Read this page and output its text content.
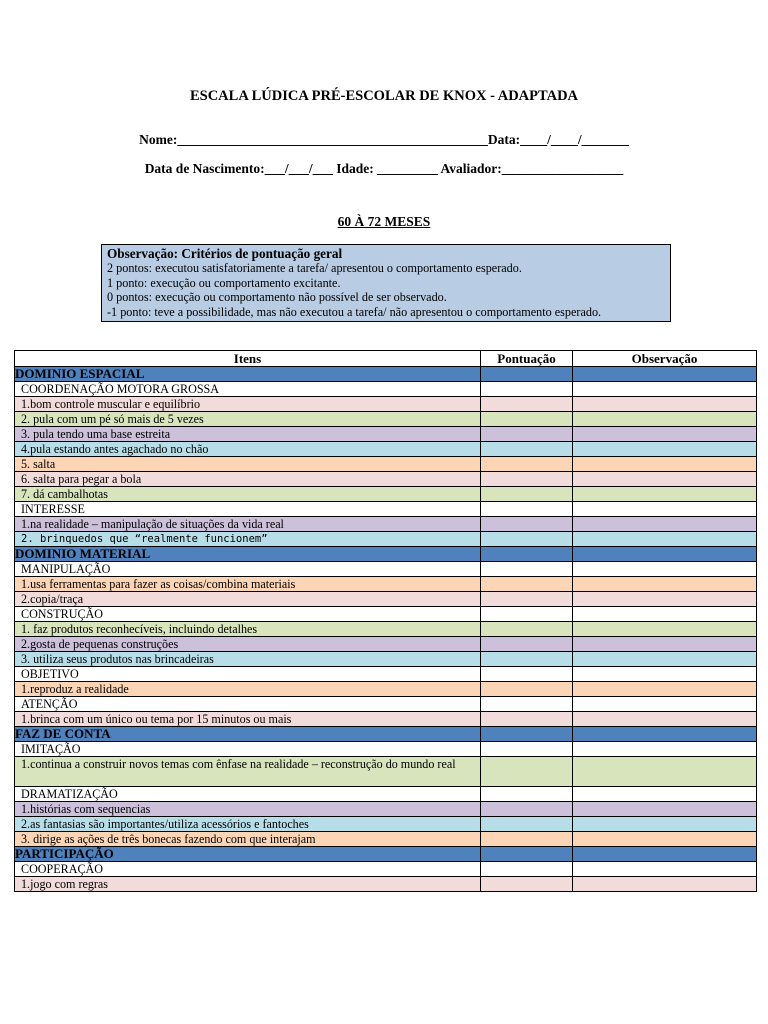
ESCALA LÚDICA PRÉ-ESCOLAR DE KNOX - ADAPTADA
Nome:______________________________________________Data:____/____/_______
Data de Nascimento:___/___/___ Idade: _________ Avaliador:__________________
60 À 72 MESES
Observação: Critérios de pontuação geral
2 pontos: executou satisfatoriamente a tarefa/ apresentou o comportamento esperado.
1 ponto: execução ou comportamento excitante.
0 pontos: execução ou comportamento não possível de ser observado.
-1 ponto: teve a possibilidade, mas não executou a tarefa/ não apresentou o comportamento esperado.
Itens	Pontuação	Observação
DOMINIO ESPACIAL		
COORDENAÇÃO MOTORA GROSSA		
1.bom controle muscular e equilíbrio		
2. pula com um pé só mais de 5 vezes		
3. pula tendo uma base estreita		
4.pula estando antes agachado no chão		
5. salta		
6. salta para pegar a bola		
7. dá cambalhotas		
INTERESSE		
1.na realidade – manipulação de situações da vida real		
2. brinquedos que “realmente funcionem”		
DOMINIO MATERIAL		
MANIPULAÇÃO		
1.usa ferramentas para fazer as coisas/combina materiais		
2.copia/traça		
CONSTRUÇÃO		
1. faz produtos reconhecíveis, incluindo detalhes		
2.gosta de pequenas construções		
3. utiliza seus produtos nas brincadeiras		
OBJETIVO		
1.reproduz a realidade		
ATENÇÃO		
1.brinca com um único ou tema por 15 minutos ou mais		
FAZ DE CONTA		
IMITAÇÃO		
1.continua a construir novos temas com ênfase na realidade – reconstrução do mundo real		
DRAMATIZAÇÃO		
1.histórias com sequencias		
2.as fantasias são importantes/utiliza acessórios e fantoches		
3. dirige as ações de três bonecas fazendo com que interajam		
PARTICIPAÇÃO		
COOPERAÇÃO		
1.jogo com regras		
